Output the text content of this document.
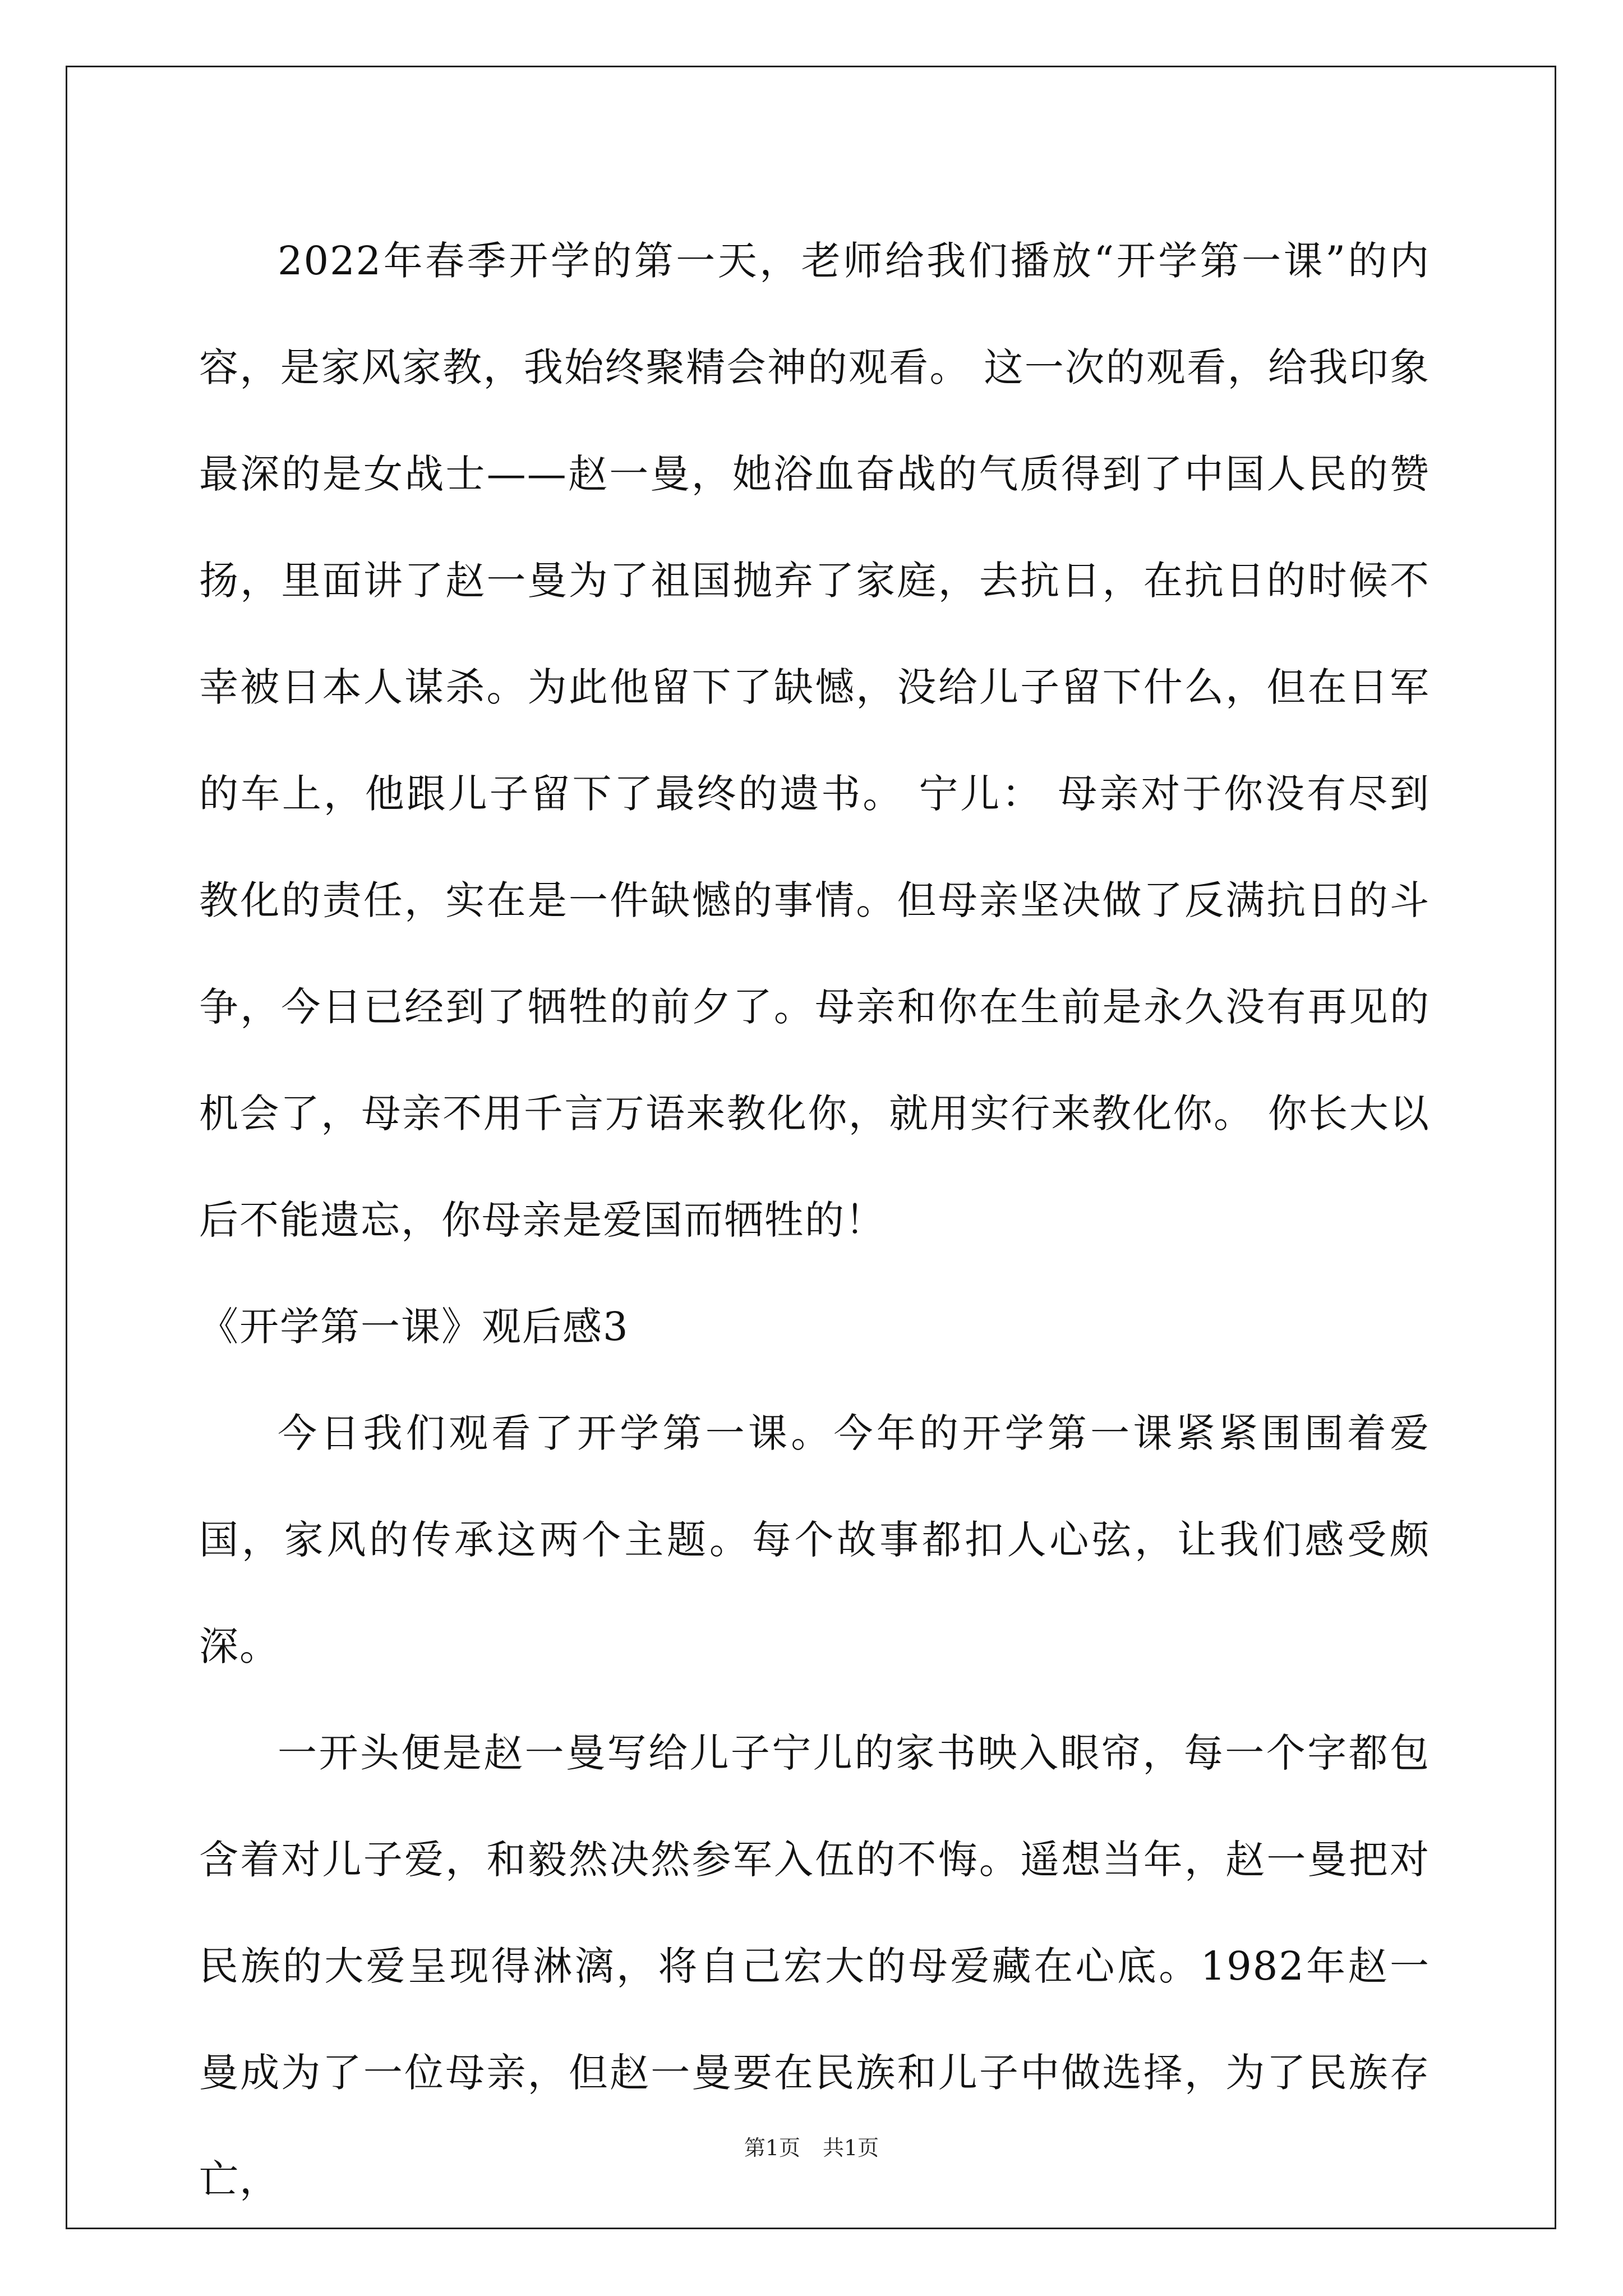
2022年春季开学的第一天，老师给我们播放“开学第一课”的内容，是家风家教，我始终聚精会神的观看。 这一次的观看，给我印象最深的是女战士——赵一曼，她浴血奋战的气质得到了中国人民的赞扬，里面讲了赵一曼为了祖国抛弃了家庭，去抗日，在抗日的时候不幸被日本人谋杀。为此他留下了缺憾，没给儿子留下什么，但在日军的车上，他跟儿子留下了最终的遗书。 宁儿： 母亲对于你没有尽到教化的责任，实在是一件缺憾的事情。但母亲坚决做了反满抗日的斗争，今日已经到了牺牲的前夕了。母亲和你在生前是永久没有再见的机会了，母亲不用千言万语来教化你，就用实行来教化你。 你长大以后不能遗忘，你母亲是爱国而牺牲的！

《开学第一课》观后感3

今日我们观看了开学第一课。今年的开学第一课紧紧围围着爱国，家风的传承这两个主题。每个故事都扣人心弦，让我们感受颇深。

一开头便是赵一曼写给儿子宁儿的家书映入眼帘，每一个字都包含着对儿子爱，和毅然决然参军入伍的不悔。遥想当年，赵一曼把对民族的大爱呈现得淋漓，将自己宏大的母爱藏在心底。1982年赵一曼成为了一位母亲，但赵一曼要在民族和儿子中做选择，为了民族存亡，

第1页 共1页
